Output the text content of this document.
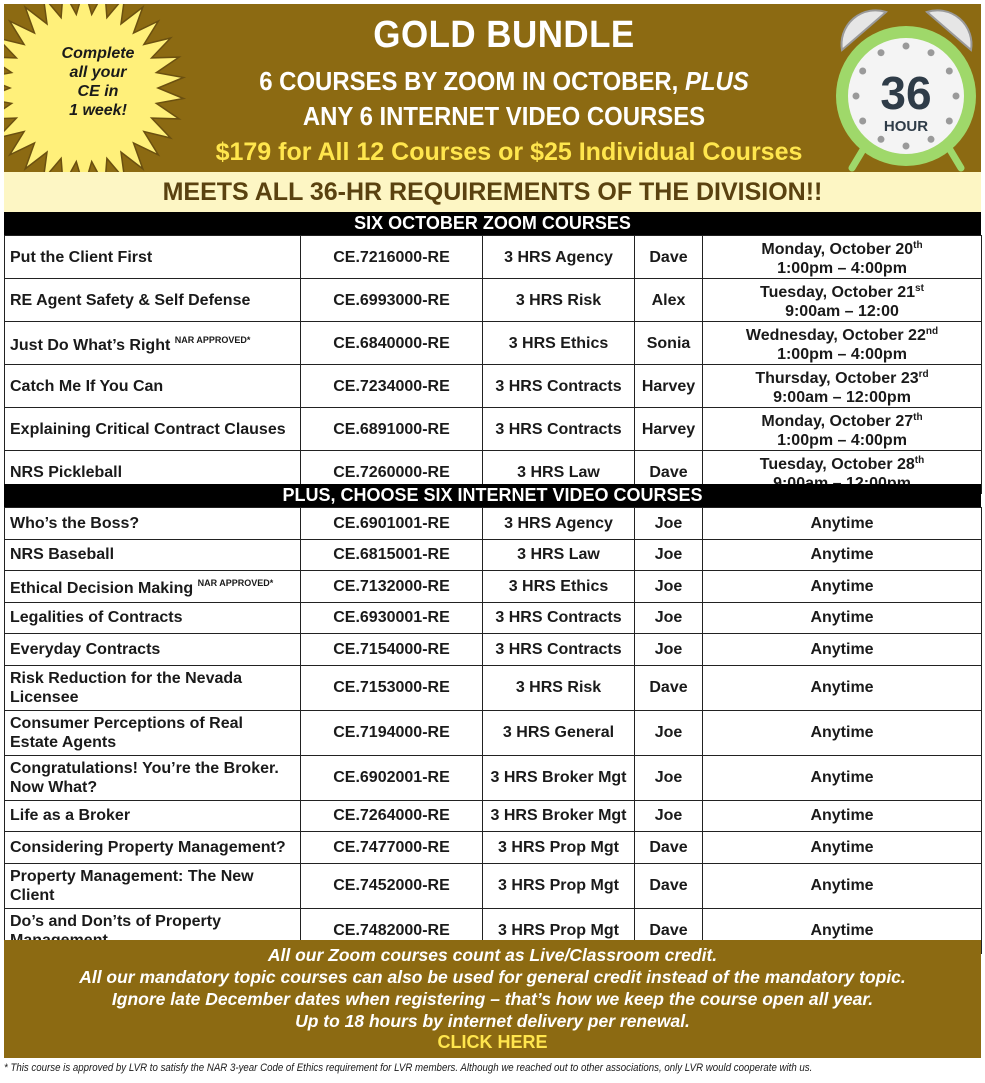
Complete
all your
CE in
1 week!
GOLD BUNDLE
6 COURSES BY ZOOM IN OCTOBER, PLUS
ANY 6 INTERNET VIDEO COURSES
$179 for All 12 Courses or $25 Individual Courses
36
HOUR
MEETS ALL 36-HR REQUIREMENTS OF THE DIVISION!!
SIX OCTOBER ZOOM COURSES
Put the Client First	CE.7216000-RE	3 HRS Agency	Dave	Monday, October 20th
1:00pm – 4:00pm

RE Agent Safety & Self Defense	CE.6993000-RE	3 HRS Risk	Alex	Tuesday, October 21st
9:00am – 12:00

Just Do What’s Right $^{NAR APPROVED*}$	CE.6840000-RE	3 HRS Ethics	Sonia	Wednesday, October 22nd
1:00pm – 4:00pm

Catch Me If You Can	CE.7234000-RE	3 HRS Contracts	Harvey	Thursday, October 23rd
9:00am – 12:00pm

Explaining Critical Contract Clauses	CE.6891000-RE	3 HRS Contracts	Harvey	Monday, October 27th
1:00pm – 4:00pm

NRS Pickleball	CE.7260000-RE	3 HRS Law	Dave	Tuesday, October 28th
PLUS, CHOOSE SIX INTERNET VIDEO COURSES
Who’s the Boss?	CE.6901001-RE	3 HRS Agency	Joe	Anytime
NRS Baseball	CE.6815001-RE	3 HRS Law	Joe	Anytime
Ethical Decision Making $^{NAR APPROVED*}$	CE.7132000-RE	3 HRS Ethics	Joe	Anytime
Legalities of Contracts	CE.6930001-RE	3 HRS Contracts	Joe	Anytime
Everyday Contracts	CE.7154000-RE	3 HRS Contracts	Joe	Anytime
Risk Reduction for the Nevada Licensee	CE.7153000-RE	3 HRS Risk	Dave	Anytime
Consumer Perceptions of Real Estate Agents	CE.7194000-RE	3 HRS General	Joe	Anytime
Congratulations! You’re the Broker. Now What?	CE.6902001-RE	3 HRS Broker Mgt	Joe	Anytime
Life as a Broker	CE.7264000-RE	3 HRS Broker Mgt	Joe	Anytime
Considering Property Management?	CE.7477000-RE	3 HRS Prop Mgt	Dave	Anytime
Property Management: The New Client	CE.7452000-RE	3 HRS Prop Mgt	Dave	Anytime
Do’s and Don’ts of Property	CE.7482000-RE	3 HRS Prop Mgt	Dave	Anytime
All our Zoom courses count as Live/Classroom credit.
All our mandatory topic courses can also be used for general credit instead of the mandatory topic.
Ignore late December dates when registering – that’s how we keep the course open all year.
Up to 18 hours by internet delivery per renewal.
CLICK HERE
* This course is approved by LVR to satisfy the NAR 3-year Code of Ethics requirement for LVR members. Although we reached out to other associations, only LVR would cooperate with us.
